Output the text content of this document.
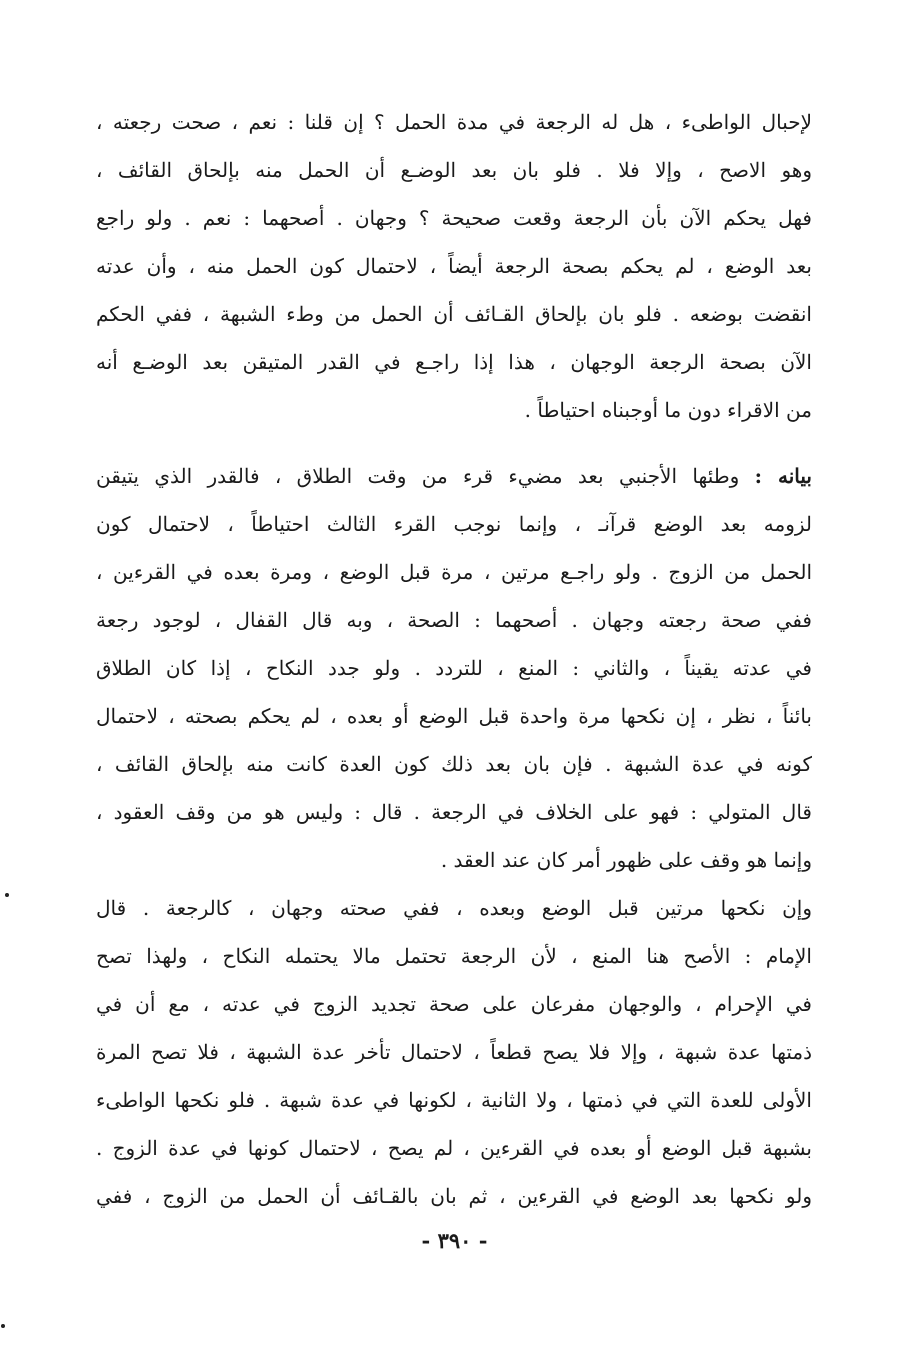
لإحبال الواطىء ، هل له الرجعة في مدة الحمل ؟ إن قلنا : نعم ، صحت رجعته ،
وهو الاصح ، وإلا فلا . فلو بان بعد الوضـع أن الحمل منه بإلحاق القائف ،
فهل يحكم الآن بأن الرجعة وقعت صحيحة ؟ وجهان . أصحهما : نعم . ولو راجع
بعد الوضع ، لم يحكم بصحة الرجعة أيضاً ، لاحتمال كون الحمل منه ، وأن عدته
انقضت بوضعه . فلو بان بإلحاق القـائف أن الحمل من وطء الشبهة ، ففي الحكم
الآن بصحة الرجعة الوجهان ، هذا إذا راجـع في القدر المتيقن بعد الوضـع أنه
من الاقراء دون ما أوجبناه احتياطاً .
بيانه : وطئها الأجنبي بعد مضيء قرء من وقت الطلاق ، فالقدر الذي يتيقن
لزومه بعد الوضع قرآنـ ، وإنما نوجب القرء الثالث احتياطاً ، لاحتمال كون
الحمل من الزوج . ولو راجـع مرتين ، مرة قبل الوضع ، ومرة بعده في القرءين ،
ففي صحة رجعته وجهان . أصحهما : الصحة ، وبه قال القفال ، لوجود رجعة
في عدته يقيناً ، والثاني : المنع ، للتردد . ولو جدد النكاح ، إذا كان الطلاق
بائناً ، نظر ، إن نكحها مرة واحدة قبل الوضع أو بعده ، لم يحكم بصحته ، لاحتمال
كونه في عدة الشبهة . فإن بان بعد ذلك كون العدة كانت منه بإلحاق القائف ،
قال المتولي : فهو على الخلاف في الرجعة . قال : وليس هو من وقف العقود ،
وإنما هو وقف على ظهور أمر كان عند العقد .
وإن نكحها مرتين قبل الوضع وبعده ، ففي صحته وجهان ، كالرجعة . قال
الإمام : الأصح هنا المنع ، لأن الرجعة تحتمل مالا يحتمله النكاح ، ولهذا تصح
في الإحرام ، والوجهان مفرعان على صحة تجديد الزوج في عدته ، مع أن في
ذمتها عدة شبهة ، وإلا فلا يصح قطعاً ، لاحتمال تأخر عدة الشبهة ، فلا تصح المرة
الأولى للعدة التي في ذمتها ، ولا الثانية ، لكونها في عدة شبهة . فلو نكحها الواطىء
بشبهة قبل الوضع أو بعده في القرءين ، لم يصح ، لاحتمال كونها في عدة الزوج .
ولو نكحها بعد الوضع في القرءين ، ثم بان بالقـائف أن الحمل من الزوج ، ففي
- ٣٩٠ -
